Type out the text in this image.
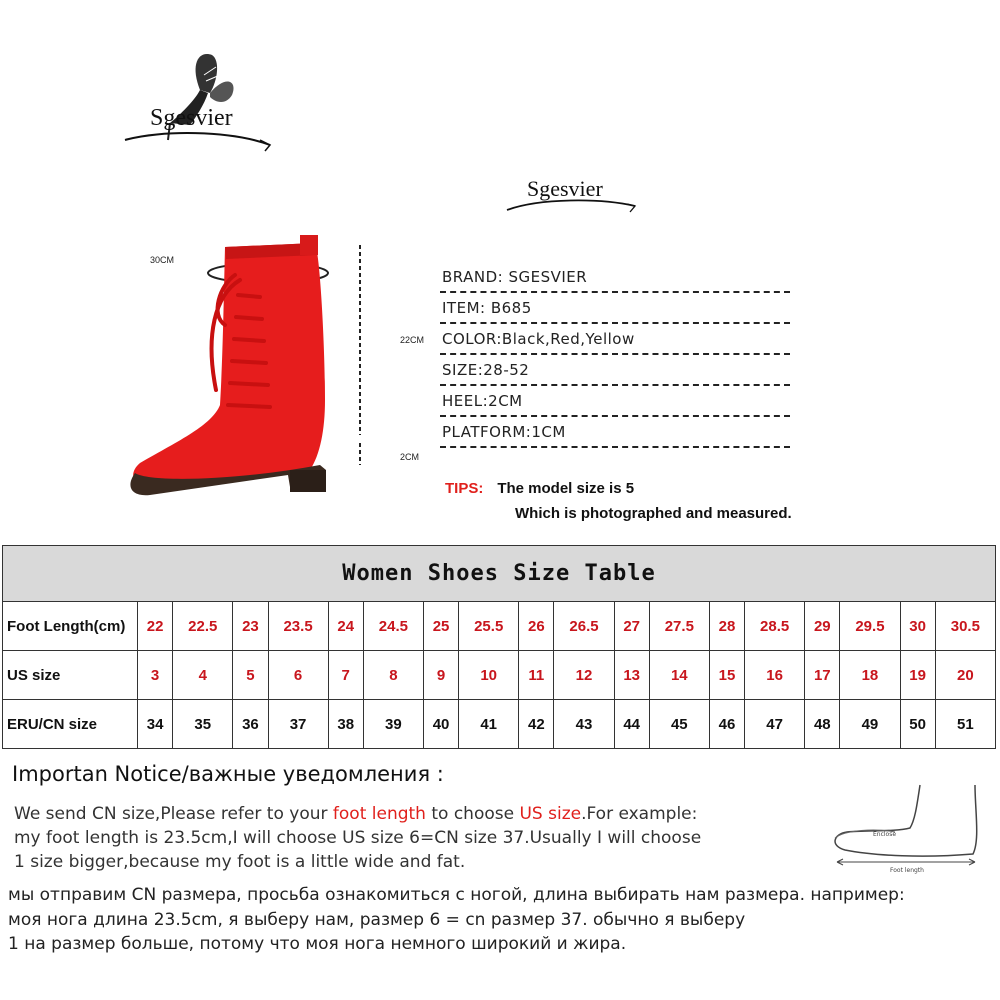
Sgesvier
Sgesvier
30CM
22CM
2CM
BRAND: SGESVIER
ITEM: B685
COLOR:Black,Red,Yellow
SIZE:28-52
HEEL:2CM
PLATFORM:1CM
TIPS: The model size is 5
Which is photographed and measured.
Women Shoes Size Table																		
Foot Length(cm)	22	22.5	23	23.5	24	24.5	25	25.5	26	26.5	27	27.5	28	28.5	29	29.5	30	30.5
US size	3	4	5	6	7	8	9	10	11	12	13	14	15	16	17	18	19	20
ERU/CN size	34	35	36	37	38	39	40	41	42	43	44	45	46	47	48	49	50	51
Importan Notice/важные уведомления :
We send CN size,Please refer to your foot length to choose US size.For example:
my foot length is 23.5cm,I will choose US size 6=CN size 37.Usually I will choose
1 size bigger,because my foot is a little wide and fat.
мы отправим CN размера, просьба ознакомиться с ногой, длина выбирать нам размера. например:
моя нога длина 23.5cm, я выберу нам, размер 6 = cn размер 37. обычно я выберу
1 на размер больше, потому что моя нога немного широкий и жира.
Enclose
Foot length
